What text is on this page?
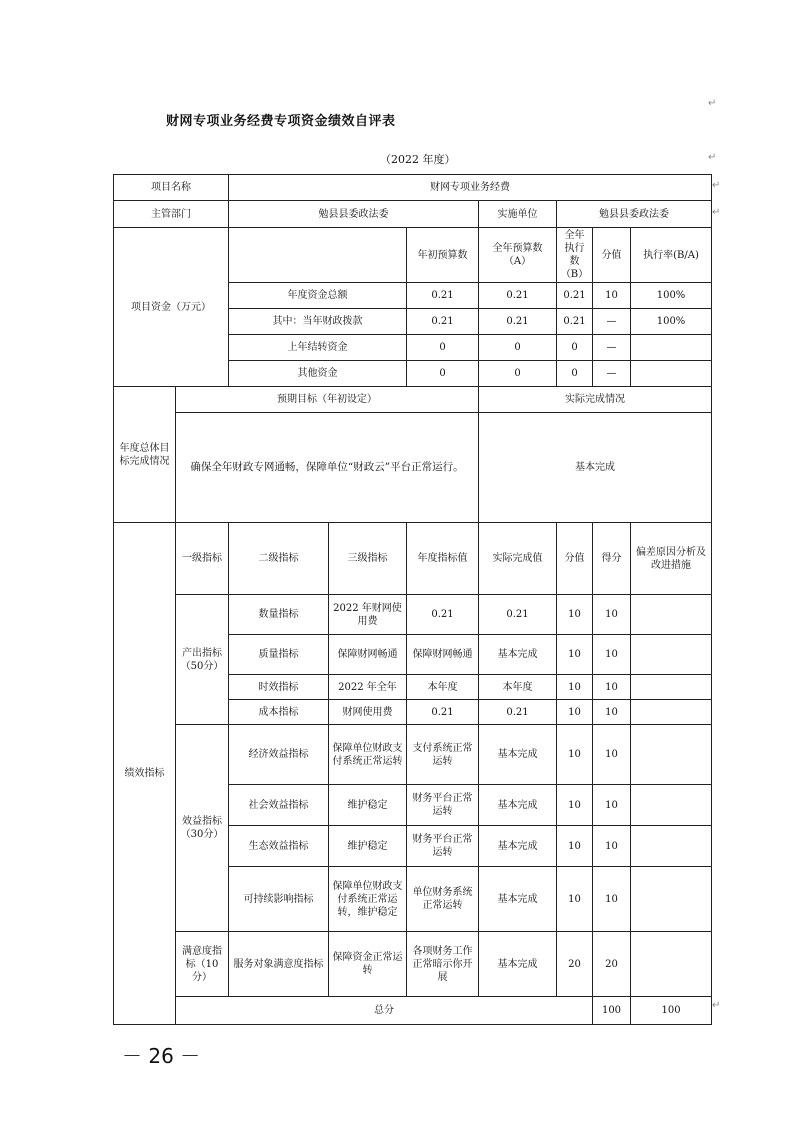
财网专项业务经费专项资金绩效自评表
（2022 年度）
项目名称		财网专项业务经费							
主管部门		勉县县委政法委			实施单位	勉县县委政法委			
项目资金（万元）				年初预算数	全年预算数（A）	全年执行数（B）	分值	执行率(B/A)	
		年度资金总额		0.21	0.21	0.21	10	100%	
		其中：当年财政拨款		0.21	0.21	0.21	—	100%	
		上年结转资金		0	0	0	—		
		其他资金		0	0	0	—		
年度总体目标完成情况	预期目标（年初设定）				实际完成情况				
	确保全年财政专网通畅，保障单位“财政云”平台正常运行。				基本完成				

绩效指标	一级指标	二级指标	三级指标	年度指标值	实际完成值	分值	得分	偏差原因分析及改进措施	
	产出指标（50分）	数量指标	2022 年财网使用费	0.21	0.21	10	10		
		质量指标	保障财网畅通	保障财网畅通	基本完成	10	10		
		时效指标	2022 年全年	本年度	本年度	10	10		
		成本指标	财网使用费	0.21	0.21	10	10		
	效益指标（30分）	经济效益指标	保障单位财政支付系统正常运转	支付系统正常运转	基本完成	10	10		
		社会效益指标	维护稳定	财务平台正常运转	基本完成	10	10		
		生态效益指标	维护稳定	财务平台正常运转	基本完成	10	10		
		可持续影响指标	保障单位财政支付系统正常运转，维护稳定	单位财务系统正常运转	基本完成	10	10		
	满意度指标（10分）	服务对象满意度指标	保障资金正常运转	各项财务工作正常暗示你开展	基本完成	20	20		
	总分						100	100	
↵
↵
↵
↵
↵
－ 26 －
